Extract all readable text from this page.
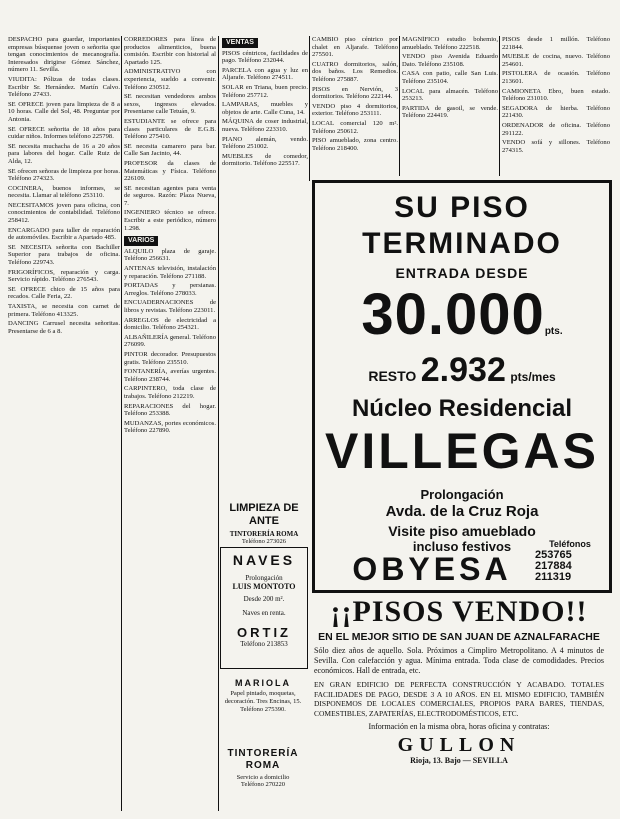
DESPACHO para guardar, importantes empresas búsquense joven o señorita que tengan conocimientos de mecanografía. Interesados dirigirse Gómez Sánchez, número 11. Sevilla.

VIUDITA: Pólizas de todas clases. Escribir Sr. Hernández. Martín Calvo. Teléfono 27433.

SE OFRECE joven para limpieza de 8 a 10 horas. Calle del Sol, 48. Preguntar por Antonia.

SE OFRECE señorita de 18 años para cuidar niños. Informes teléfono 225798.

SE necesita muchacha de 16 a 20 años para labores del hogar. Calle Ruiz de Alda, 12.

SE ofrecen señoras de limpieza por horas. Teléfono 274323.

COCINERA, buenos informes, se necesita. Llamar al teléfono 253110.

NECESITAMOS joven para oficina, con conocimientos de contabilidad. Teléfono 258412.

ENCARGADO para taller de reparación de automóviles. Escribir a Apartado 485.

SE NECESITA señorita con Bachiller Superior para trabajos de oficina. Teléfono 229743.

FRIGORÍFICOS, reparación y carga. Servicio rápido. Teléfono 276543.

SE OFRECE chico de 15 años para recados. Calle Feria, 22.

TAXISTA, se necesita con carnet de primera. Teléfono 413325.

DANCING Carrusel necesita señoritas. Presentarse de 6 a 8.

CORREDORES para línea de productos alimenticios, buena comisión. Escribir con historial al Apartado 125.

ADMINISTRATIVO con experiencia, sueldo a convenir. Teléfono 230512.

SE necesitan vendedores ambos sexos, ingresos elevados. Presentarse calle Tetuán, 9.

ESTUDIANTE se ofrece para clases particulares de E.G.B. Teléfono 275410.

SE necesita camarero para bar. Calle San Jacinto, 44.

PROFESOR da clases de Matemáticas y Física. Teléfono 226109.

SE necesitan agentes para venta de seguros. Razón: Plaza Nueva, 7.

INGENIERO técnico se ofrece. Escribir a este periódico, número 1.298.

VARIOS

ALQUILO plaza de garaje. Teléfono 256631.

ANTENAS televisión, instalación y reparación. Teléfono 271188.

PORTADAS y persianas. Arreglos. Teléfono 278033.

ENCUADERNACIONES de libros y revistas. Teléfono 223011.

ARREGLOS de electricidad a domicilio. Teléfono 254321.

ALBAÑILERÍA general. Teléfono 276099.

PINTOR decorador. Presupuestos gratis. Teléfono 235510.

FONTANERÍA, averías urgentes. Teléfono 238744.

CARPINTERO, toda clase de trabajos. Teléfono 212219.

REPARACIONES del hogar. Teléfono 253388.

MUDANZAS, portes económicos. Teléfono 227890.

VENTAS

PISOS céntricos, facilidades de pago. Teléfono 232044.

PARCELA con agua y luz en Aljarafe. Teléfono 274511.

SOLAR en Triana, buen precio. Teléfono 257712.

LAMPARAS, muebles y objetos de arte. Calle Cuna, 14.

MÁQUINA de coser industrial, nueva. Teléfono 223310.

PIANO alemán, vendo. Teléfono 251002.

MUEBLES de comedor, dormitorio. Teléfono 225517.

LIMPIEZA DE ANTE
TINTORERÍA ROMA
Teléfono 273026
NAVES
Prolongación
LUIS MONTOTO
Desde 200 m².
Naves en renta.
ORTIZ
Teléfono 213853
MARIOLA
Papel pintado, moquetas, decoración. Tres Encinas, 15. Teléfono 275390.
TINTORERÍA ROMA
Servicio a domicilio
Teléfono 270220

CAMBIO piso céntrico por chalet en Aljarafe. Teléfono 275501.

CUATRO dormitorios, salón, dos baños. Los Remedios. Teléfono 275887.

PISOS en Nervión, 3 dormitorios. Teléfono 222144.

VENDO piso 4 dormitorios, exterior. Teléfono 253111.

LOCAL comercial 120 m². Teléfono 250612.

PISO amueblado, zona centro. Teléfono 218400.

MAGNÍFICO estudio bohemio, amueblado. Teléfono 222518.

VENDO piso Avenida Eduardo Dato. Teléfono 235108.

CASA con patio, calle San Luis. Teléfono 235104.

LOCAL para almacén. Teléfono 253213.

PARTIDA de gasoil, se vende. Teléfono 224419.

PISOS desde 1 millón. Teléfono 221844.

MUEBLE de cocina, nuevo. Teléfono 254601.

PISTOLERA de ocasión. Teléfono 213601.

CAMIONETA Ebro, buen estado. Teléfono 231010.

SEGADORA de hierba. Teléfono 221430.

ORDENADOR de oficina. Teléfono 291122.

VENDO sofá y sillones. Teléfono 274315.

SU PISO
TERMINADO
ENTRADA DESDE
30.000pts.
RESTO 2.932 pts/mes
Núcleo Residencial
VILLEGAS
Prolongación
Avda. de la Cruz Roja
Visite piso amueblado
incluso festivos
OBYESA
Teléfonos
253765
217884
211319

¡¡PISOS VENDO!!

EN EL MEJOR SITIO DE SAN JUAN DE AZNALFARACHE

Sólo diez años de aquello. Sola. Próximos a Cimpliro Metropolitano. A 4 minutos de Sevilla. Con calefacción y agua. Mínima entrada. Toda clase de comodidades. Precios económicos. Hall de entrada, etc.

EN GRAN EDIFICIO DE PERFECTA CONSTRUCCIÓN Y ACABADO. TOTALES FACILIDADES DE PAGO, DESDE 3 A 10 AÑOS. EN EL MISMO EDIFICIO, TAMBIÉN DISPONEMOS DE LOCALES COMERCIALES, PROPIOS PARA BARES, TIENDAS, COMESTIBLES, ZAPATERÍAS, ELECTRODOMÉSTICOS, ETC.

Información en la misma obra, horas oficina y contratas:

GULLON

Rioja, 13. Bajo — SEVILLA
